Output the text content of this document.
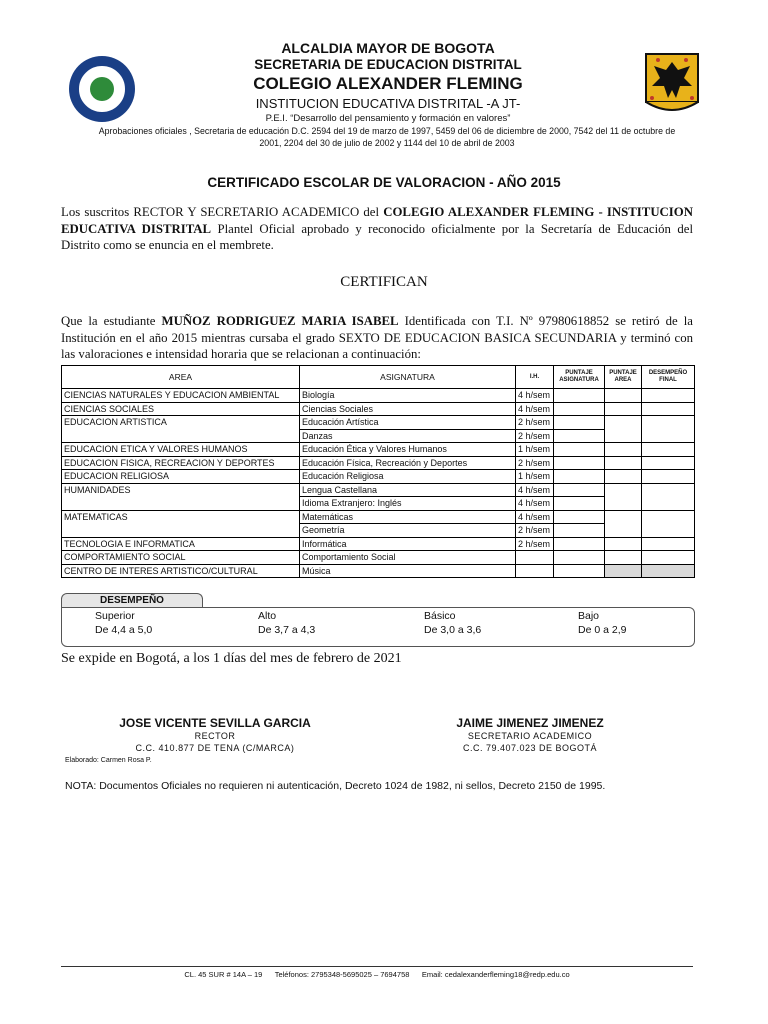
ALCALDIA MAYOR DE BOGOTA
SECRETARIA DE EDUCACION DISTRITAL
COLEGIO ALEXANDER FLEMING
INSTITUCION EDUCATIVA DISTRITAL -A JT-
P.E.I. “Desarrollo del pensamiento y formación en valores”
Aprobaciones oficiales , Secretaria de educación D.C. 2594 del 19 de marzo de 1997, 5459 del 06 de diciembre de 2000, 7542 del 11 de octubre de
2001, 2204 del 30 de julio de 2002 y 1144 del 10 de abril de 2003
CERTIFICADO ESCOLAR DE VALORACION - AÑO 2015
Los suscritos RECTOR Y SECRETARIO ACADEMICO del COLEGIO ALEXANDER FLEMING - INSTITUCION EDUCATIVA DISTRITAL Plantel Oficial aprobado y reconocido oficialmente por la Secretaría de Educación del Distrito como se enuncia en el membrete.
CERTIFICAN
Que la estudiante MUÑOZ RODRIGUEZ MARIA ISABEL Identificada con T.I. Nº 97980618852 se retiró de la Institución en el año 2015 mientras cursaba el grado SEXTO DE EDUCACION BASICA SECUNDARIA y terminó con las valoraciones e intensidad horaria que se relacionan a continuación:
AREA	ASIGNATURA	I.H.	PUNTAJE ASIGNATURA	PUNTAJE AREA	DESEMPEÑO FINAL
CIENCIAS NATURALES Y EDUCACION AMBIENTAL	Biología	4 h/sem			
CIENCIAS SOCIALES	Ciencias Sociales	4 h/sem			
EDUCACION ARTISTICA	Educación Artística	2 h/sem			
	Danzas	2 h/sem			
EDUCACION ETICA Y VALORES HUMANOS	Educación Ética y Valores Humanos	1 h/sem			
EDUCACION FISICA, RECREACION Y DEPORTES	Educación Física, Recreación y Deportes	2 h/sem			
EDUCACION RELIGIOSA	Educación Religiosa	1 h/sem			
HUMANIDADES	Lengua Castellana	4 h/sem			
	Idioma Extranjero: Inglés	4 h/sem			
MATEMATICAS	Matemáticas	4 h/sem			
	Geometría	2 h/sem			
TECNOLOGIA E INFORMATICA	Informática	2 h/sem			
COMPORTAMIENTO SOCIAL	Comportamiento Social				
CENTRO DE INTERES ARTISTICO/CULTURAL	Música				
DESEMPEÑO
Superior
De 4,4 a 5,0
Alto
De 3,7 a 4,3
Básico
De 3,0 a 3,6
Bajo
De 0 a 2,9
Se expide en Bogotá, a los 1 días del mes de febrero de 2021
JOSE VICENTE SEVILLA GARCIA
RECTOR
C.C. 410.877 DE TENA (C/MARCA)
Elaborado: Carmen Rosa P.
JAIME JIMENEZ JIMENEZ
SECRETARIO ACADEMICO
C.C. 79.407.023 DE BOGOTÁ
NOTA: Documentos Oficiales no requieren ni autenticación, Decreto 1024 de 1982, ni sellos, Decreto 2150 de 1995.
CL. 45 SUR # 14A – 19      Teléfonos: 2795348-5695025 – 7694758      Email: cedalexanderfleming18@redp.edu.co
